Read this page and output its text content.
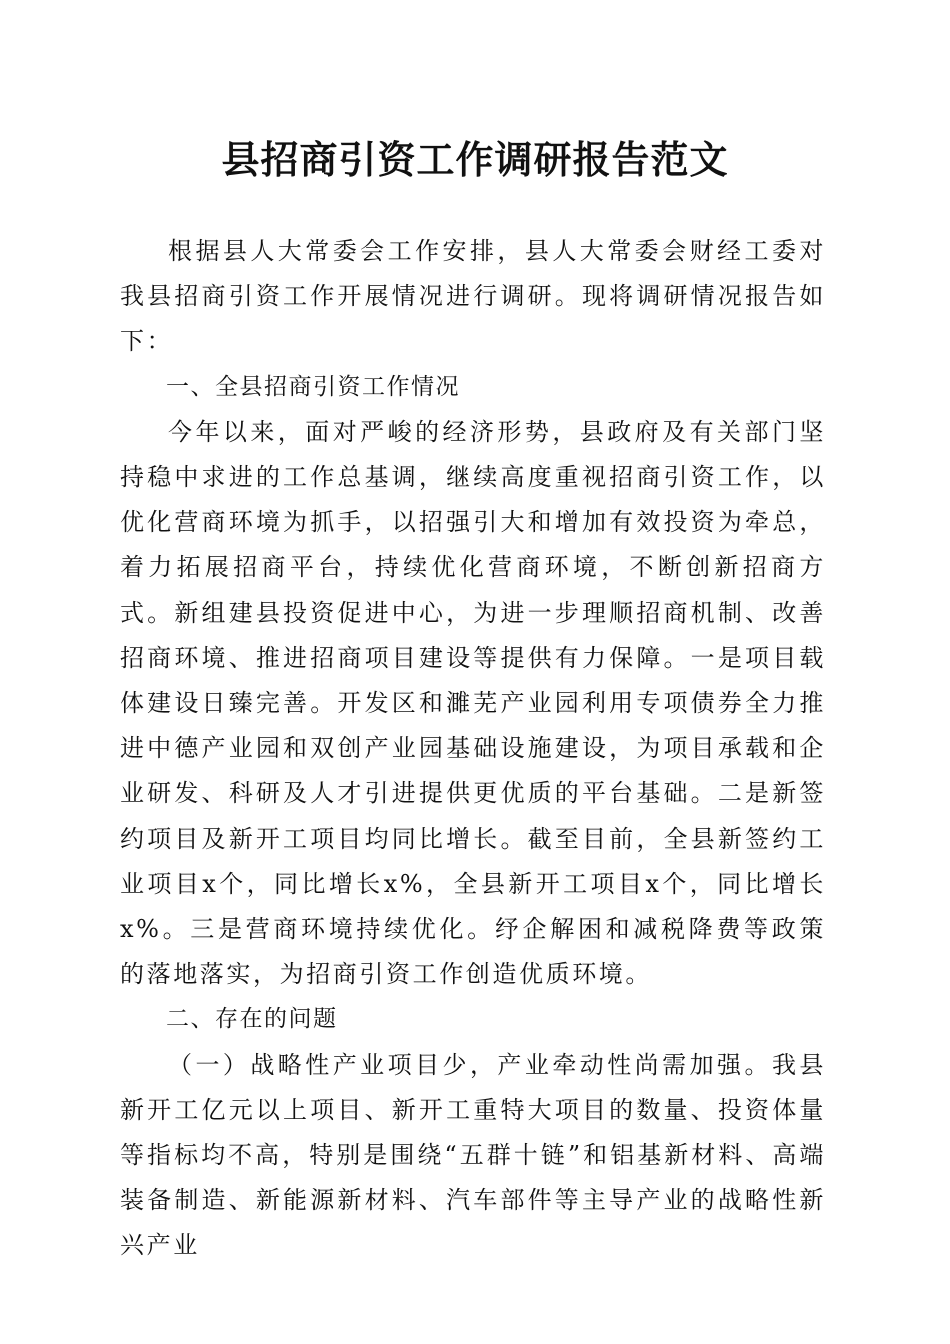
县招商引资工作调研报告范文

根据县人大常委会工作安排，县人大常委会财经工委对我县招商引资工作开展情况进行调研。现将调研情况报告如下：

一、全县招商引资工作情况

今年以来，面对严峻的经济形势，县政府及有关部门坚持稳中求进的工作总基调，继续高度重视招商引资工作，以优化营商环境为抓手，以招强引大和增加有效投资为牵总，着力拓展招商平台，持续优化营商环境，不断创新招商方式。新组建县投资促进中心，为进一步理顺招商机制、改善招商环境、推进招商项目建设等提供有力保障。一是项目载体建设日臻完善。开发区和濉芜产业园利用专项债券全力推进中德产业园和双创产业园基础设施建设，为项目承载和企业研发、科研及人才引进提供更优质的平台基础。二是新签约项目及新开工项目均同比增长。截至目前，全县新签约工业项目x个，同比增长x%，全县新开工项目x个，同比增长x%。三是营商环境持续优化。纾企解困和减税降费等政策的落地落实，为招商引资工作创造优质环境。

二、存在的问题

（一）战略性产业项目少，产业牵动性尚需加强。我县新开工亿元以上项目、新开工重特大项目的数量、投资体量等指标均不高，特别是围绕“五群十链”和铝基新材料、高端装备制造、新能源新材料、汽车部件等主导产业的战略性新兴产业
